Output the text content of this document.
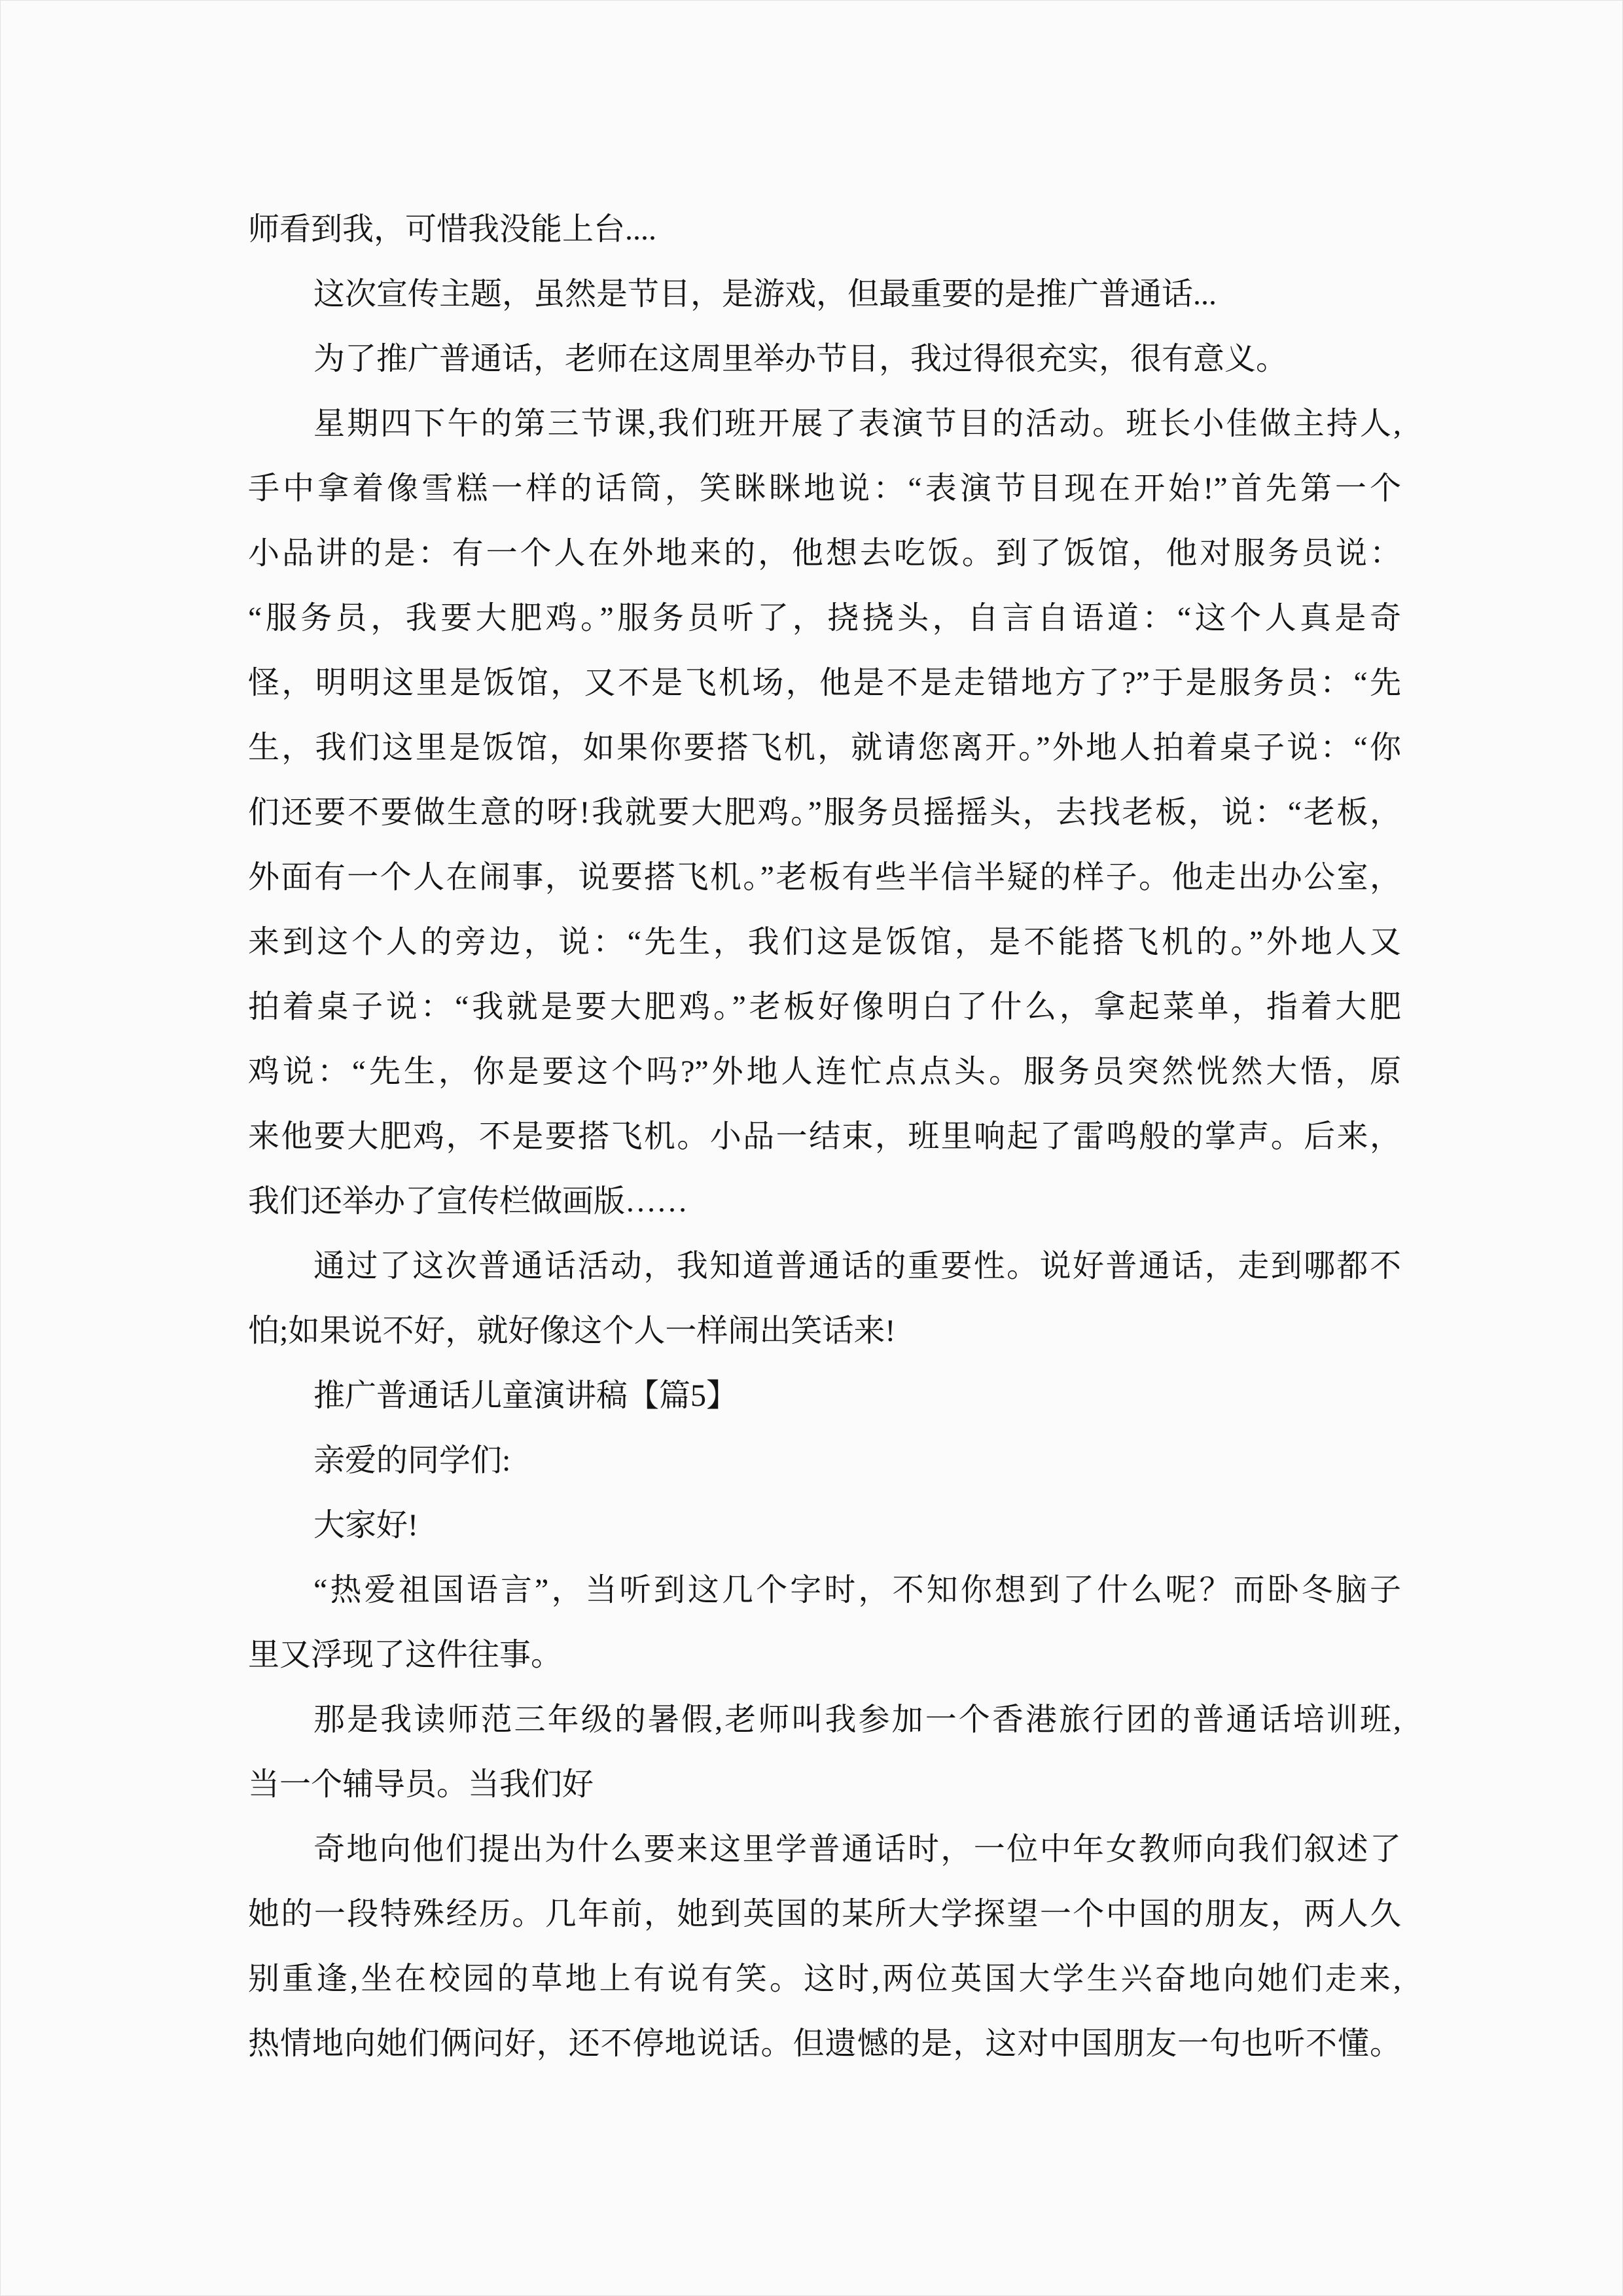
师看到我，可惜我没能上台....
这次宣传主题，虽然是节目，是游戏，但最重要的是推广普通话...
为了推广普通话，老师在这周里举办节目，我过得很充实，很有意义。
星期四下午的第三节课,我们班开展了表演节目的活动。班长小佳做主持人,
手中拿着像雪糕一样的话筒，笑眯眯地说：“表演节目现在开始!”首先第一个
小品讲的是：有一个人在外地来的，他想去吃饭。到了饭馆，他对服务员说：
“服务员，我要大肥鸡。”服务员听了，挠挠头，自言自语道：“这个人真是奇
怪，明明这里是饭馆，又不是飞机场，他是不是走错地方了?”于是服务员：“先
生，我们这里是饭馆，如果你要搭飞机，就请您离开。”外地人拍着桌子说：“你
们还要不要做生意的呀!我就要大肥鸡。”服务员摇摇头，去找老板，说：“老板，
外面有一个人在闹事，说要搭飞机。”老板有些半信半疑的样子。他走出办公室，
来到这个人的旁边，说：“先生，我们这是饭馆，是不能搭飞机的。”外地人又
拍着桌子说：“我就是要大肥鸡。”老板好像明白了什么，拿起菜单，指着大肥
鸡说：“先生，你是要这个吗?”外地人连忙点点头。服务员突然恍然大悟，原
来他要大肥鸡，不是要搭飞机。小品一结束，班里响起了雷鸣般的掌声。后来，
我们还举办了宣传栏做画版……
通过了这次普通话活动，我知道普通话的重要性。说好普通话，走到哪都不
怕;如果说不好，就好像这个人一样闹出笑话来!
推广普通话儿童演讲稿【篇5】
亲爱的同学们:
大家好!
“热爱祖国语言”，当听到这几个字时，不知你想到了什么呢？而卧冬脑子
里又浮现了这件往事。
那是我读师范三年级的暑假,老师叫我参加一个香港旅行团的普通话培训班,
当一个辅导员。当我们好
奇地向他们提出为什么要来这里学普通话时，一位中年女教师向我们叙述了
她的一段特殊经历。几年前，她到英国的某所大学探望一个中国的朋友，两人久
别重逢,坐在校园的草地上有说有笑。这时,两位英国大学生兴奋地向她们走来,
热情地向她们俩问好，还不停地说话。但遗憾的是，这对中国朋友一句也听不懂。
